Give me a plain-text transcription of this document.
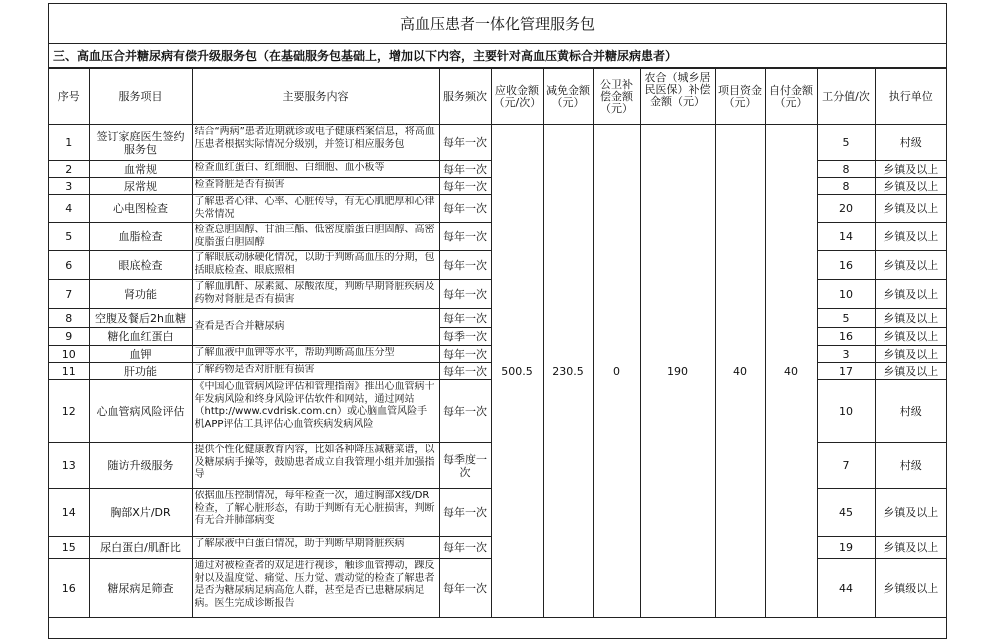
高血压患者一体化管理服务包
三、高血压合并糖尿病有偿升级服务包（在基础服务包基础上，增加以下内容，主要针对高血压黄标合并糖尿病患者）
序号	服务项目	主要服务内容	服务频次	应收金额（元/次）	减免金额（元）	公卫补偿金额（元）	农合（城乡居民医保）补偿金额（元）	项目资金（元）	自付金额（元）	工分值/次	执行单位
1	签订家庭医生签约服务包	结合“两病”患者近期就诊或电子健康档案信息，将高血压患者根据实际情况分级别，并签订相应服务包	每年一次	500.5	230.5	0	190	40	40	5	村级
2	血常规	检查血红蛋白、红细胞、白细胞、血小板等	每年一次							8	乡镇及以上
3	尿常规	检查肾脏是否有损害	每年一次							8	乡镇及以上
4	心电图检查	了解患者心律、心率、心脏传导，有无心肌肥厚和心律失常情况	每年一次							20	乡镇及以上
5	血脂检查	检查总胆固醇、甘油三酯、低密度脂蛋白胆固醇、高密度脂蛋白胆固醇	每年一次							14	乡镇及以上
6	眼底检查	了解眼底动脉硬化情况，以助于判断高血压的分期，包括眼底检查、眼底照相	每年一次							16	乡镇及以上
7	肾功能	了解血肌酐、尿素氮、尿酸浓度，判断早期肾脏疾病及药物对肾脏是否有损害	每年一次							10	乡镇及以上
8	空腹及餐后2h血糖	查看是否合并糖尿病	每年一次							5	乡镇及以上
9	糖化血红蛋白		每季一次							16	乡镇及以上
10	血钾	了解血液中血钾等水平，帮助判断高血压分型	每年一次							3	乡镇及以上
11	肝功能	了解药物是否对肝脏有损害	每年一次							17	乡镇及以上
12	心血管病风险评估	《中国心血管病风险评估和管理指南》推出心血管病十年发病风险和终身风险评估软件和网站，通过网站（http://www.cvdrisk.com.cn）或心脑血管风险手机APP评估工具评估心血管疾病发病风险	每年一次							10	村级
13	随访升级服务	提供个性化健康教育内容，比如各种降压减糖菜谱，以及糖尿病手操等，鼓励患者成立自我管理小组并加强指导	每季度一次							7	村级
14	胸部X片/DR	依据血压控制情况，每年检查一次，通过胸部X线/DR检查，了解心脏形态，有助于判断有无心脏损害，判断有无合并肺部病变	每年一次							45	乡镇及以上
15	尿白蛋白/肌酐比	了解尿液中白蛋白情况，助于判断早期肾脏疾病	每年一次							19	乡镇及以上
16	糖尿病足筛查	通过对被检查者的双足进行视诊，触诊血管搏动，踝反射以及温度觉、痛觉、压力觉、震动觉的检查了解患者是否为糖尿病足病高危人群，甚至是否已患糖尿病足病。医生完成诊断报告	每年一次							44	乡镇级以上
